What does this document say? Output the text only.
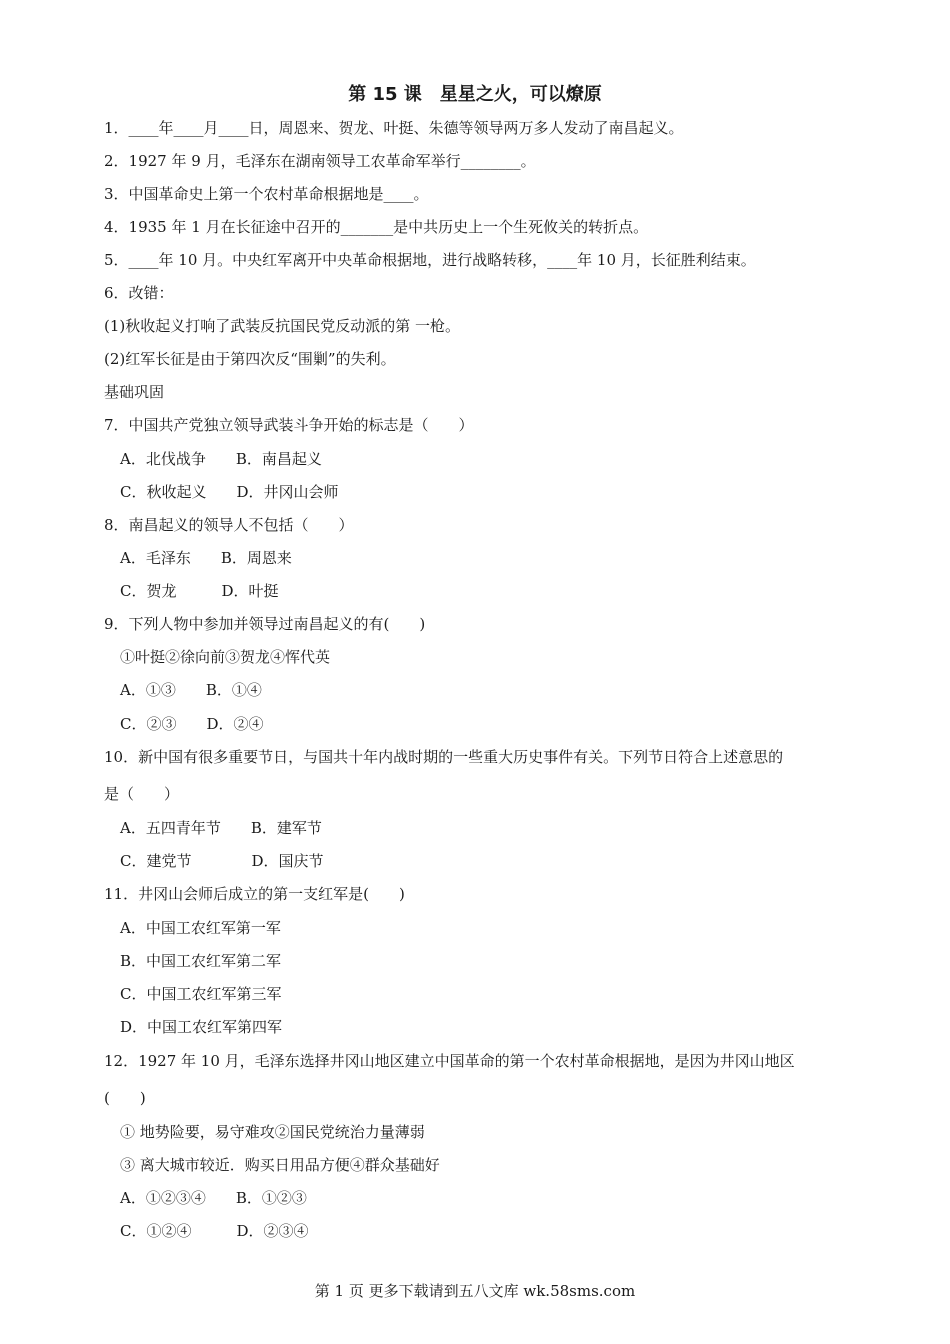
第 15 课　星星之火，可以燎原
1．____年____月____日，周恩来、贺龙、叶挺、朱德等领导两万多人发动了南昌起义。
2．1927 年 9 月，毛泽东在湖南领导工农革命军举行________。
3．中国革命史上第一个农村革命根据地是____。
4．1935 年 1 月在长征途中召开的_______是中共历史上一个生死攸关的转折点。
5．____年 10 月。中央红军离开中央革命根据地，进行战略转移，____年 10 月，长征胜利结束。
6．改错：
(1)秋收起义打响了武装反抗国民党反动派的第 一枪。
(2)红军长征是由于第四次反“围剿”的失利。
基础巩固
7．中国共产党独立领导武装斗争开始的标志是（　　）
A．北伐战争　　B．南昌起义
C．秋收起义　　D．井冈山会师
8．南昌起义的领导人不包括（　　）
A．毛泽东　　B．周恩来
C．贺龙　　　D．叶挺
9．下列人物中参加并领导过南昌起义的有(　　)
①叶挺②徐向前③贺龙④恽代英
A．①③　　B．①④
C．②③　　D．②④
10．新中国有很多重要节日，与国共十年内战时期的一些重大历史事件有关。下列节日符合上述意思的
是（　　）
A．五四青年节　　B．建军节
C．建党节　　　　D．国庆节
11．井冈山会师后成立的第一支红军是(　　)
A．中国工农红军第一军
B．中国工农红军第二军
C．中国工农红军第三军
D．中国工农红军第四军
12．1927 年 10 月，毛泽东选择井冈山地区建立中国革命的第一个农村革命根据地，是因为井冈山地区
(　　)
① 地势险要，易守难攻②国民党统治力量薄弱
③ 离大城市较近．购买日用品方便④群众基础好
A．①②③④　　B．①②③
C．①②④　　　D．②③④
第 1 页 更多下载请到五八文库 wk.58sms.com
